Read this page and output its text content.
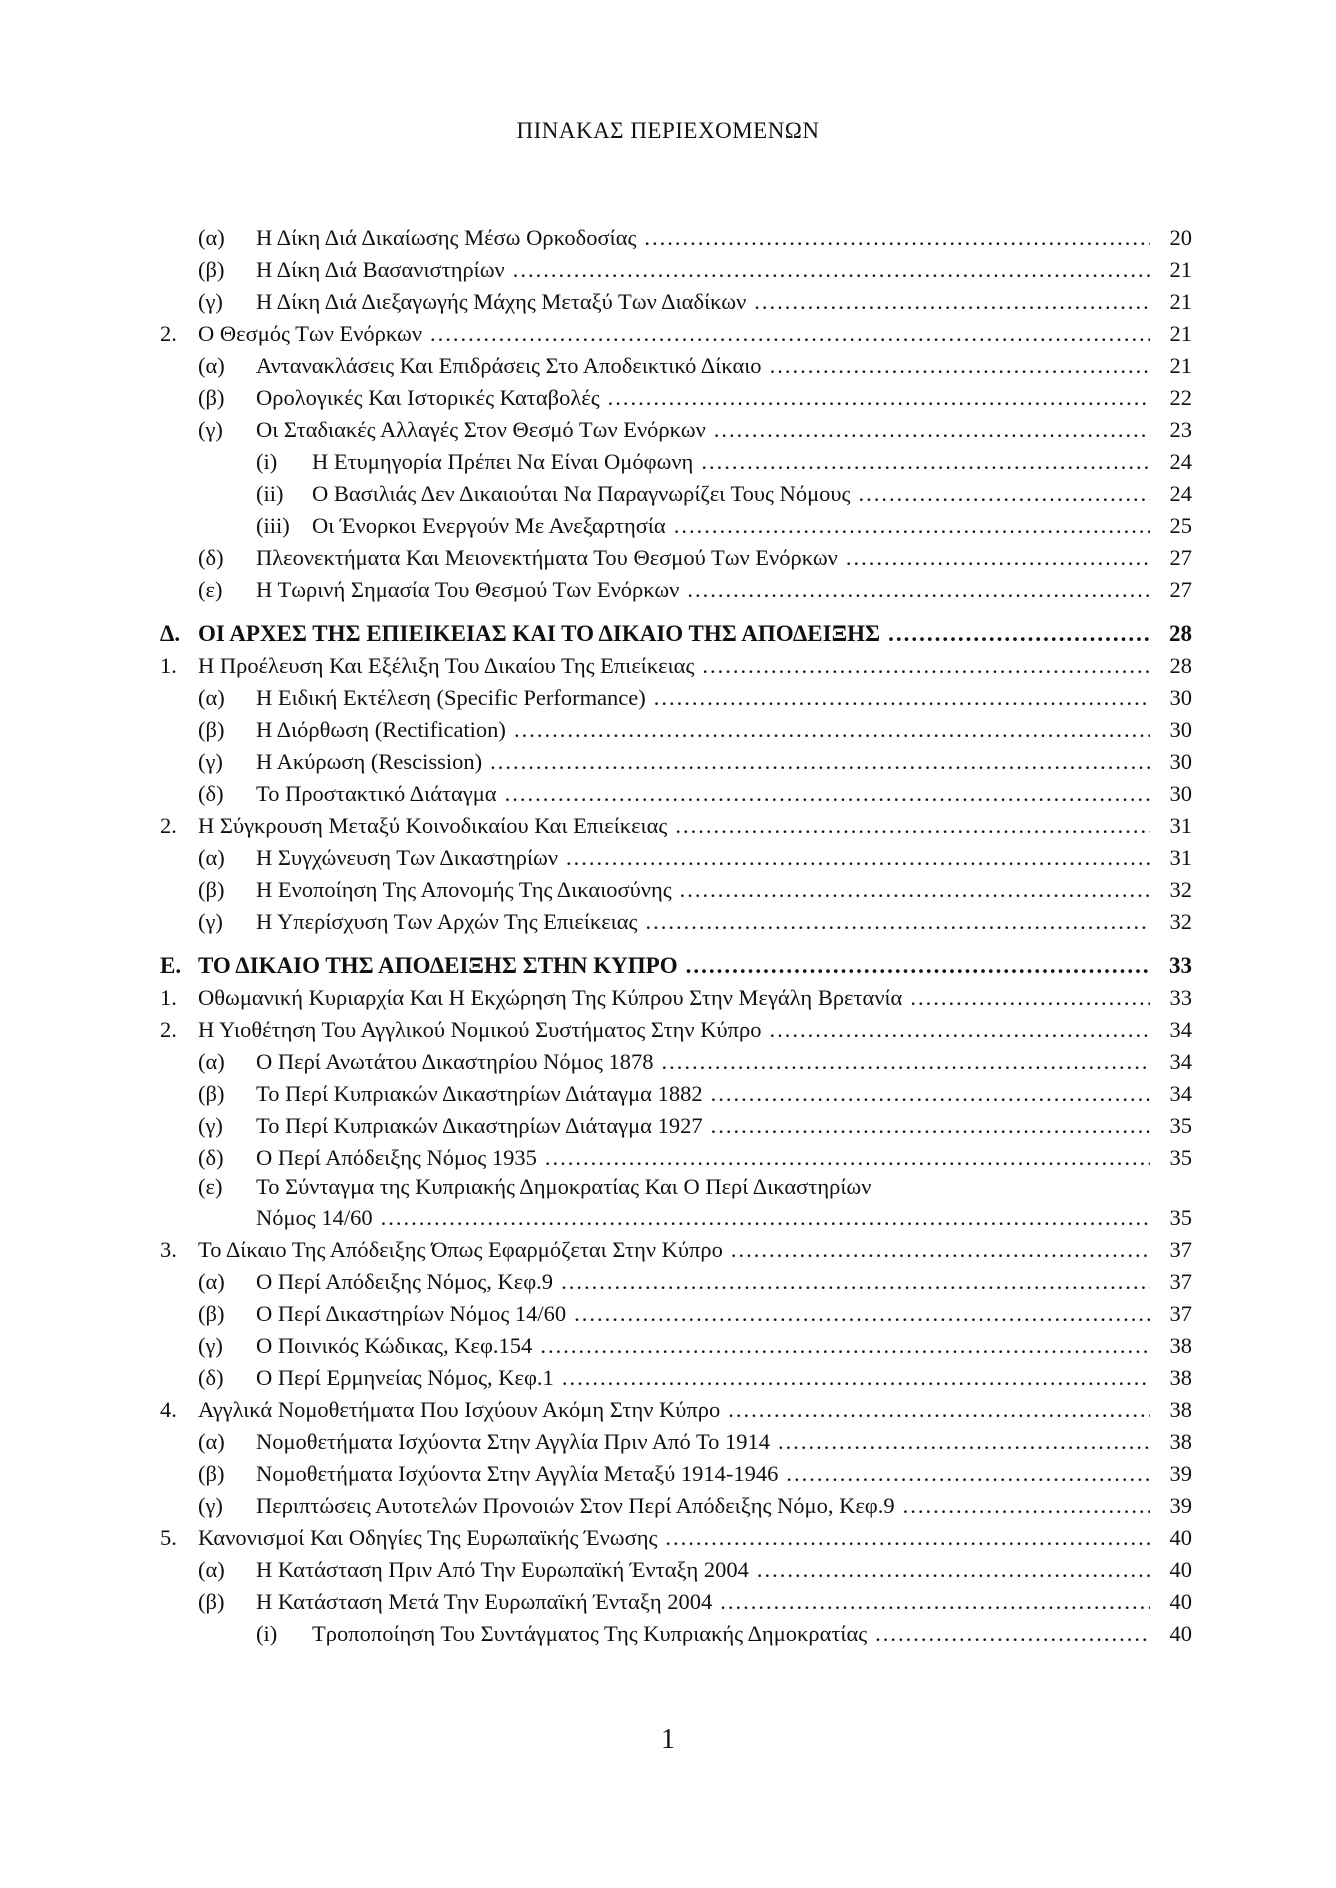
ΠΙΝΑΚΑΣ ΠΕΡΙΕΧΟΜΕΝΩΝ
(α) Η Δίκη Διά Δικαίωσης Μέσω Ορκοδοσίας .....	20
(β) Η Δίκη Διά Βασανιστηρίων .....	21
(γ) Η Δίκη Διά Διεξαγωγής Μάχης Μεταξύ Των Διαδίκων .....	21
2. Ο Θεσμός Των Ενόρκων .....	21
(α) Αντανακλάσεις Και Επιδράσεις Στο Αποδεικτικό Δίκαιο .....	21
(β) Ορολογικές Και Ιστορικές Καταβολές .....	22
(γ) Οι Σταδιακές Αλλαγές Στον Θεσμό Των Ενόρκων .....	23
(i) Η Ετυμηγορία Πρέπει Να Είναι Ομόφωνη .....	24
(ii) Ο Βασιλιάς Δεν Δικαιούται Να Παραγνωρίζει Τους Νόμους .....	24
(iii) Οι Ένορκοι Ενεργούν Με Ανεξαρτησία .....	25
(δ) Πλεονεκτήματα Και Μειονεκτήματα Του Θεσμού Των Ενόρκων .....	27
(ε) Η Τωρινή Σημασία Του Θεσμού Των Ενόρκων .....	27
Δ. ΟΙ ΑΡΧΕΣ ΤΗΣ ΕΠΙΕΙΚΕΙΑΣ ΚΑΙ ΤΟ ΔΙΚΑΙΟ ΤΗΣ ΑΠΟΔΕΙΞΗΣ .....	28
1. Η Προέλευση Και Εξέλιξη Του Δικαίου Της Επιείκειας .....	28
(α) Η Ειδική Εκτέλεση (Specific Performance) .....	30
(β) Η Διόρθωση (Rectification) .....	30
(γ) Η Ακύρωση (Rescission) .....	30
(δ) Το Προστακτικό Διάταγμα .....	30
2. Η Σύγκρουση Μεταξύ Κοινοδικαίου Και Επιείκειας .....	31
(α) Η Συγχώνευση Των Δικαστηρίων .....	31
(β) Η Ενοποίηση Της Απονομής Της Δικαιοσύνης .....	32
(γ) Η Υπερίσχυση Των Αρχών Της Επιείκειας .....	32
Ε. ΤΟ ΔΙΚΑΙΟ ΤΗΣ ΑΠΟΔΕΙΞΗΣ ΣΤΗΝ ΚΥΠΡΟ .....	33
1. Οθωμανική Κυριαρχία Και Η Εκχώρηση Της Κύπρου Στην Μεγάλη Βρετανία .....	33
2. Η Υιοθέτηση Του Αγγλικού Νομικού Συστήματος Στην Κύπρο .....	34
(α) Ο Περί Ανωτάτου Δικαστηρίου Νόμος 1878 .....	34
(β) Το Περί Κυπριακών Δικαστηρίων Διάταγμα 1882 .....	34
(γ) Το Περί Κυπριακών Δικαστηρίων Διάταγμα 1927 .....	35
(δ) Ο Περί Απόδειξης Νόμος 1935 .....	35
(ε) Το Σύνταγμα της Κυπριακής Δημοκρατίας Και Ο Περί Δικαστηρίων
Νόμος 14/60 .....	35
3. Το Δίκαιο Της Απόδειξης Όπως Εφαρμόζεται Στην Κύπρο .....	37
(α) Ο Περί Απόδειξης Νόμος, Κεφ.9 .....	37
(β) Ο Περί Δικαστηρίων Νόμος 14/60 .....	37
(γ) Ο Ποινικός Κώδικας, Κεφ.154 .....	38
(δ) Ο Περί Ερμηνείας Νόμος, Κεφ.1 .....	38
4. Αγγλικά Νομοθετήματα Που Ισχύουν Ακόμη Στην Κύπρο .....	38
(α) Νομοθετήματα Ισχύοντα Στην Αγγλία Πριν Από Το 1914 .....	38
(β) Νομοθετήματα Ισχύοντα Στην Αγγλία Μεταξύ 1914-1946 .....	39
(γ) Περιπτώσεις Αυτοτελών Προνοιών Στον Περί Απόδειξης Νόμο, Κεφ.9 .....	39
5. Κανονισμοί Και Οδηγίες Της Ευρωπαϊκής Ένωσης .....	40
(α) Η Κατάσταση Πριν Από Την Ευρωπαϊκή Ένταξη 2004 .....	40
(β) Η Κατάσταση Μετά Την Ευρωπαϊκή Ένταξη 2004 .....	40
(i) Τροποποίηση Του Συντάγματος Της Κυπριακής Δημοκρατίας .....	40
1
